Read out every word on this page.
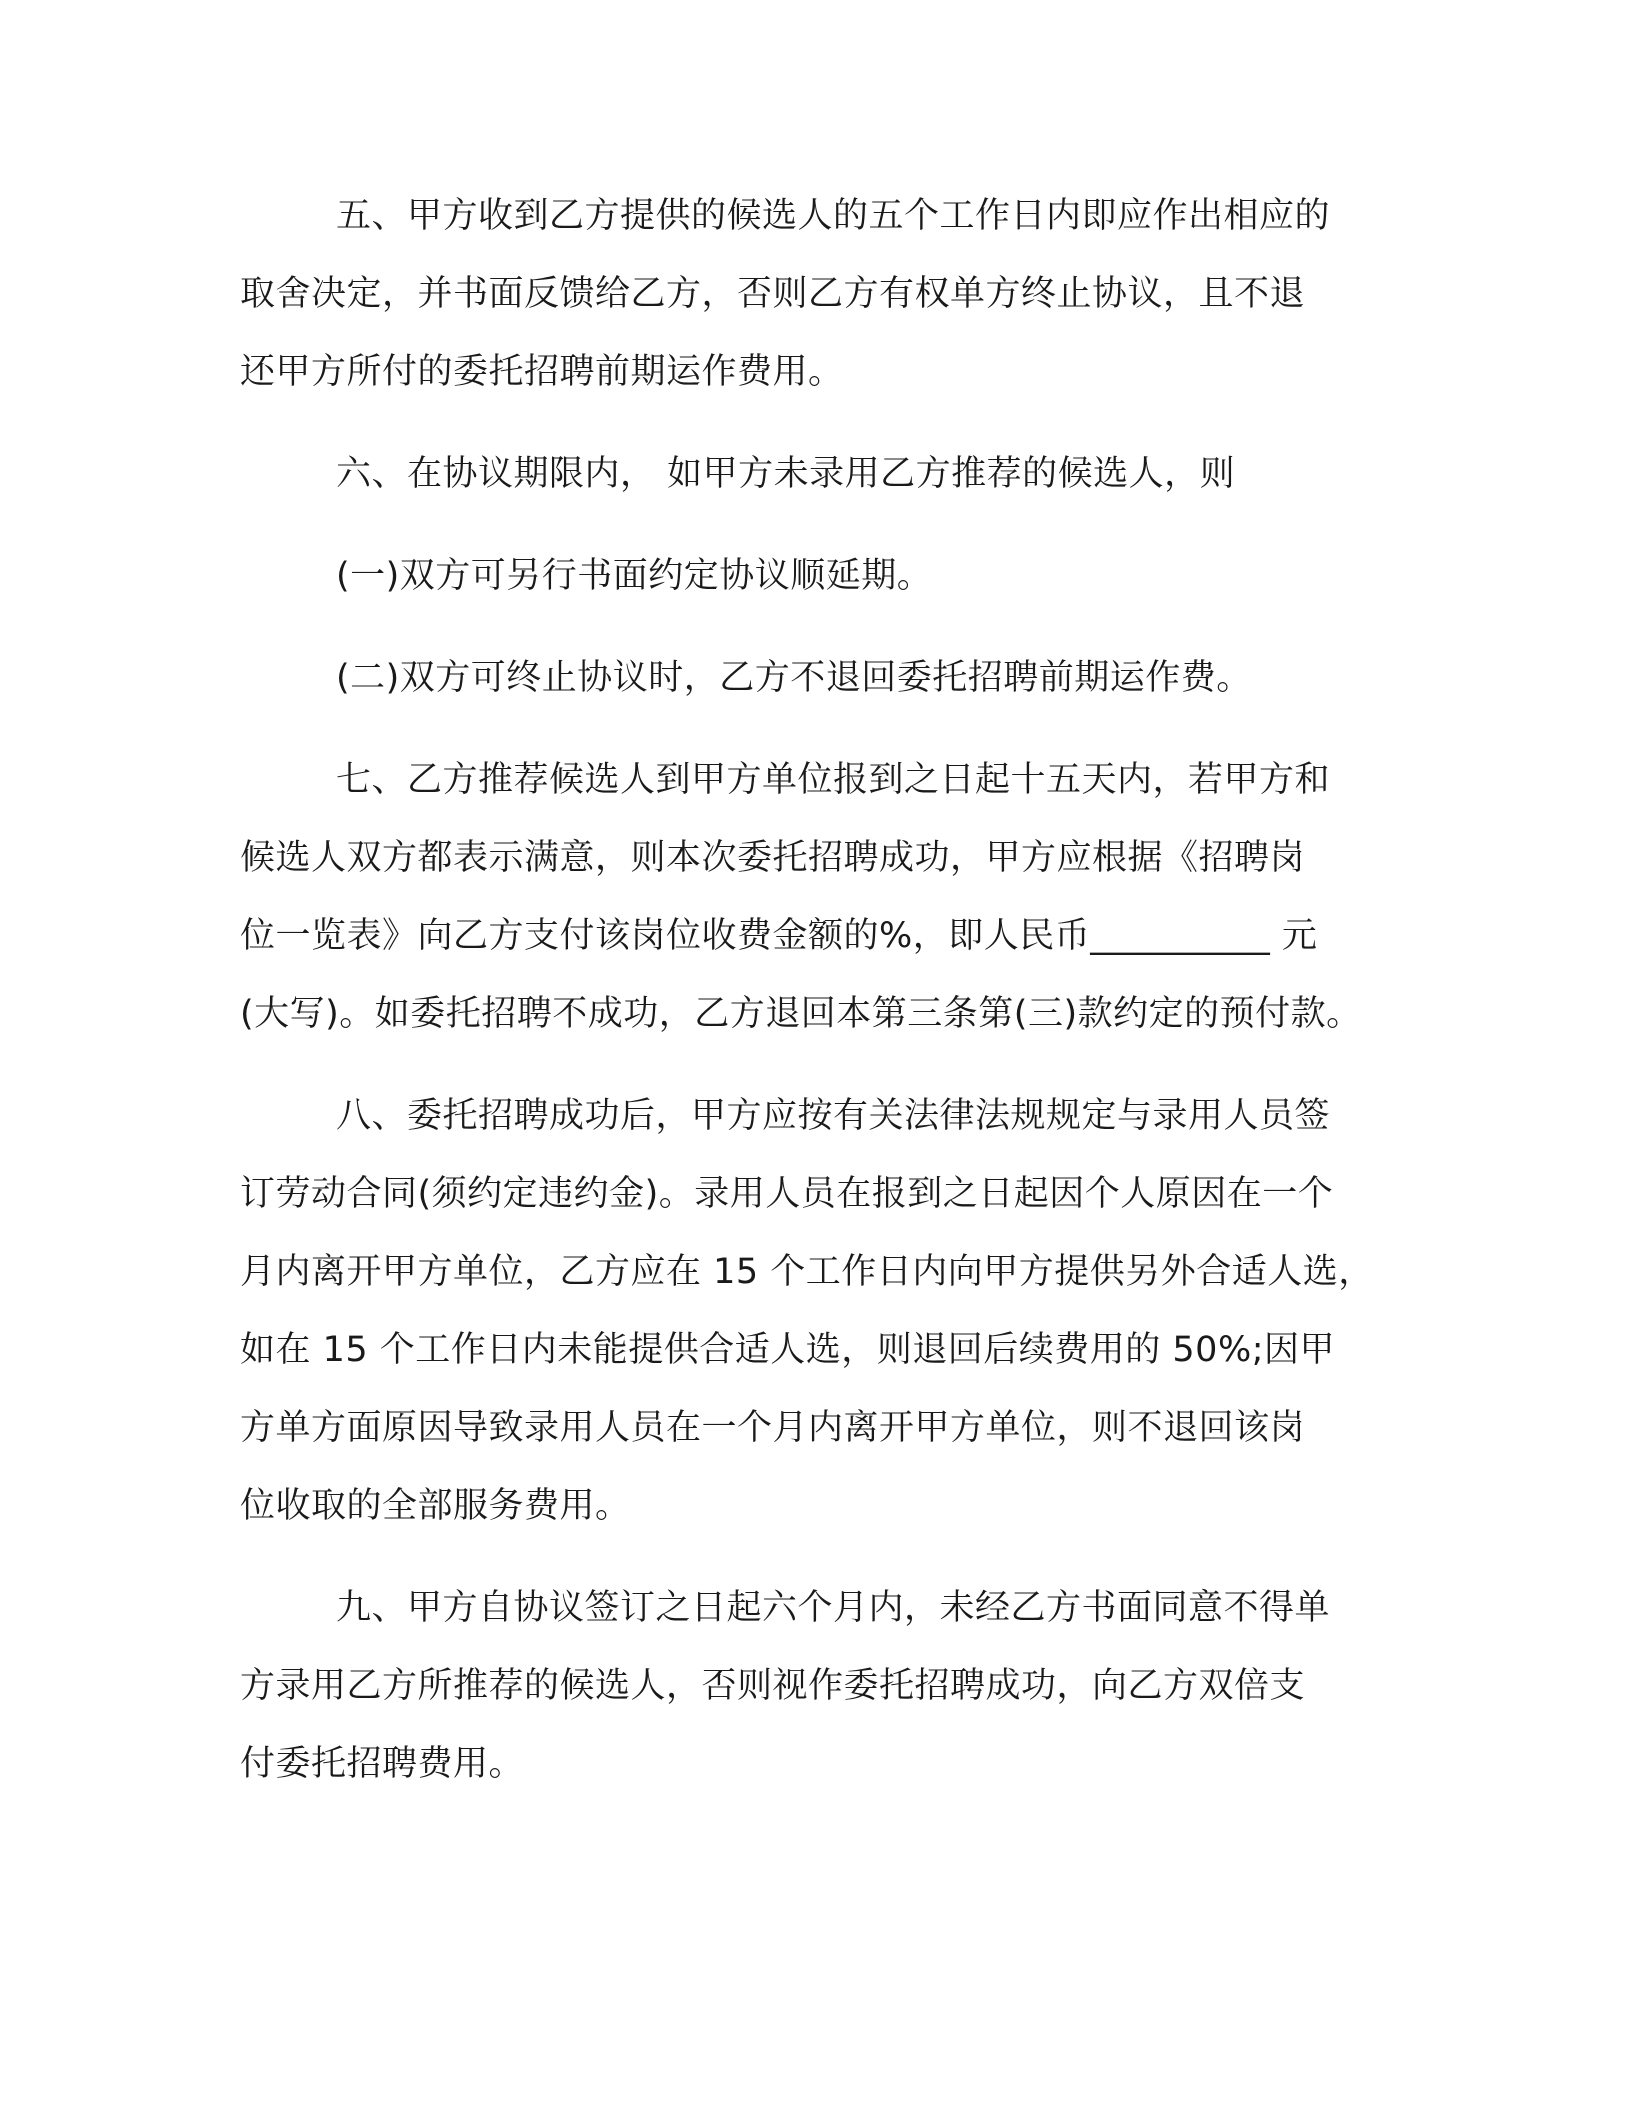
五、甲方收到乙方提供的候选人的五个工作日内即应作出相应的
取舍决定，并书面反馈给乙方，否则乙方有权单方终止协议，且不退
还甲方所付的委托招聘前期运作费用。
六、在协议期限内， 如甲方未录用乙方推荐的候选人，则
(一)双方可另行书面约定协议顺延期。
(二)双方可终止协议时，乙方不退回委托招聘前期运作费。
七、乙方推荐候选人到甲方单位报到之日起十五天内，若甲方和
候选人双方都表示满意，则本次委托招聘成功，甲方应根据《招聘岗
位一览表》向乙方支付该岗位收费金额的%，即人民币__________ 元
(大写)。如委托招聘不成功，乙方退回本第三条第(三)款约定的预付款。
八、委托招聘成功后，甲方应按有关法律法规规定与录用人员签
订劳动合同(须约定违约金)。录用人员在报到之日起因个人原因在一个
月内离开甲方单位，乙方应在 15 个工作日内向甲方提供另外合适人选，
如在 15 个工作日内未能提供合适人选，则退回后续费用的 50%;因甲
方单方面原因导致录用人员在一个月内离开甲方单位，则不退回该岗
位收取的全部服务费用。
九、甲方自协议签订之日起六个月内，未经乙方书面同意不得单
方录用乙方所推荐的候选人，否则视作委托招聘成功，向乙方双倍支
付委托招聘费用。
